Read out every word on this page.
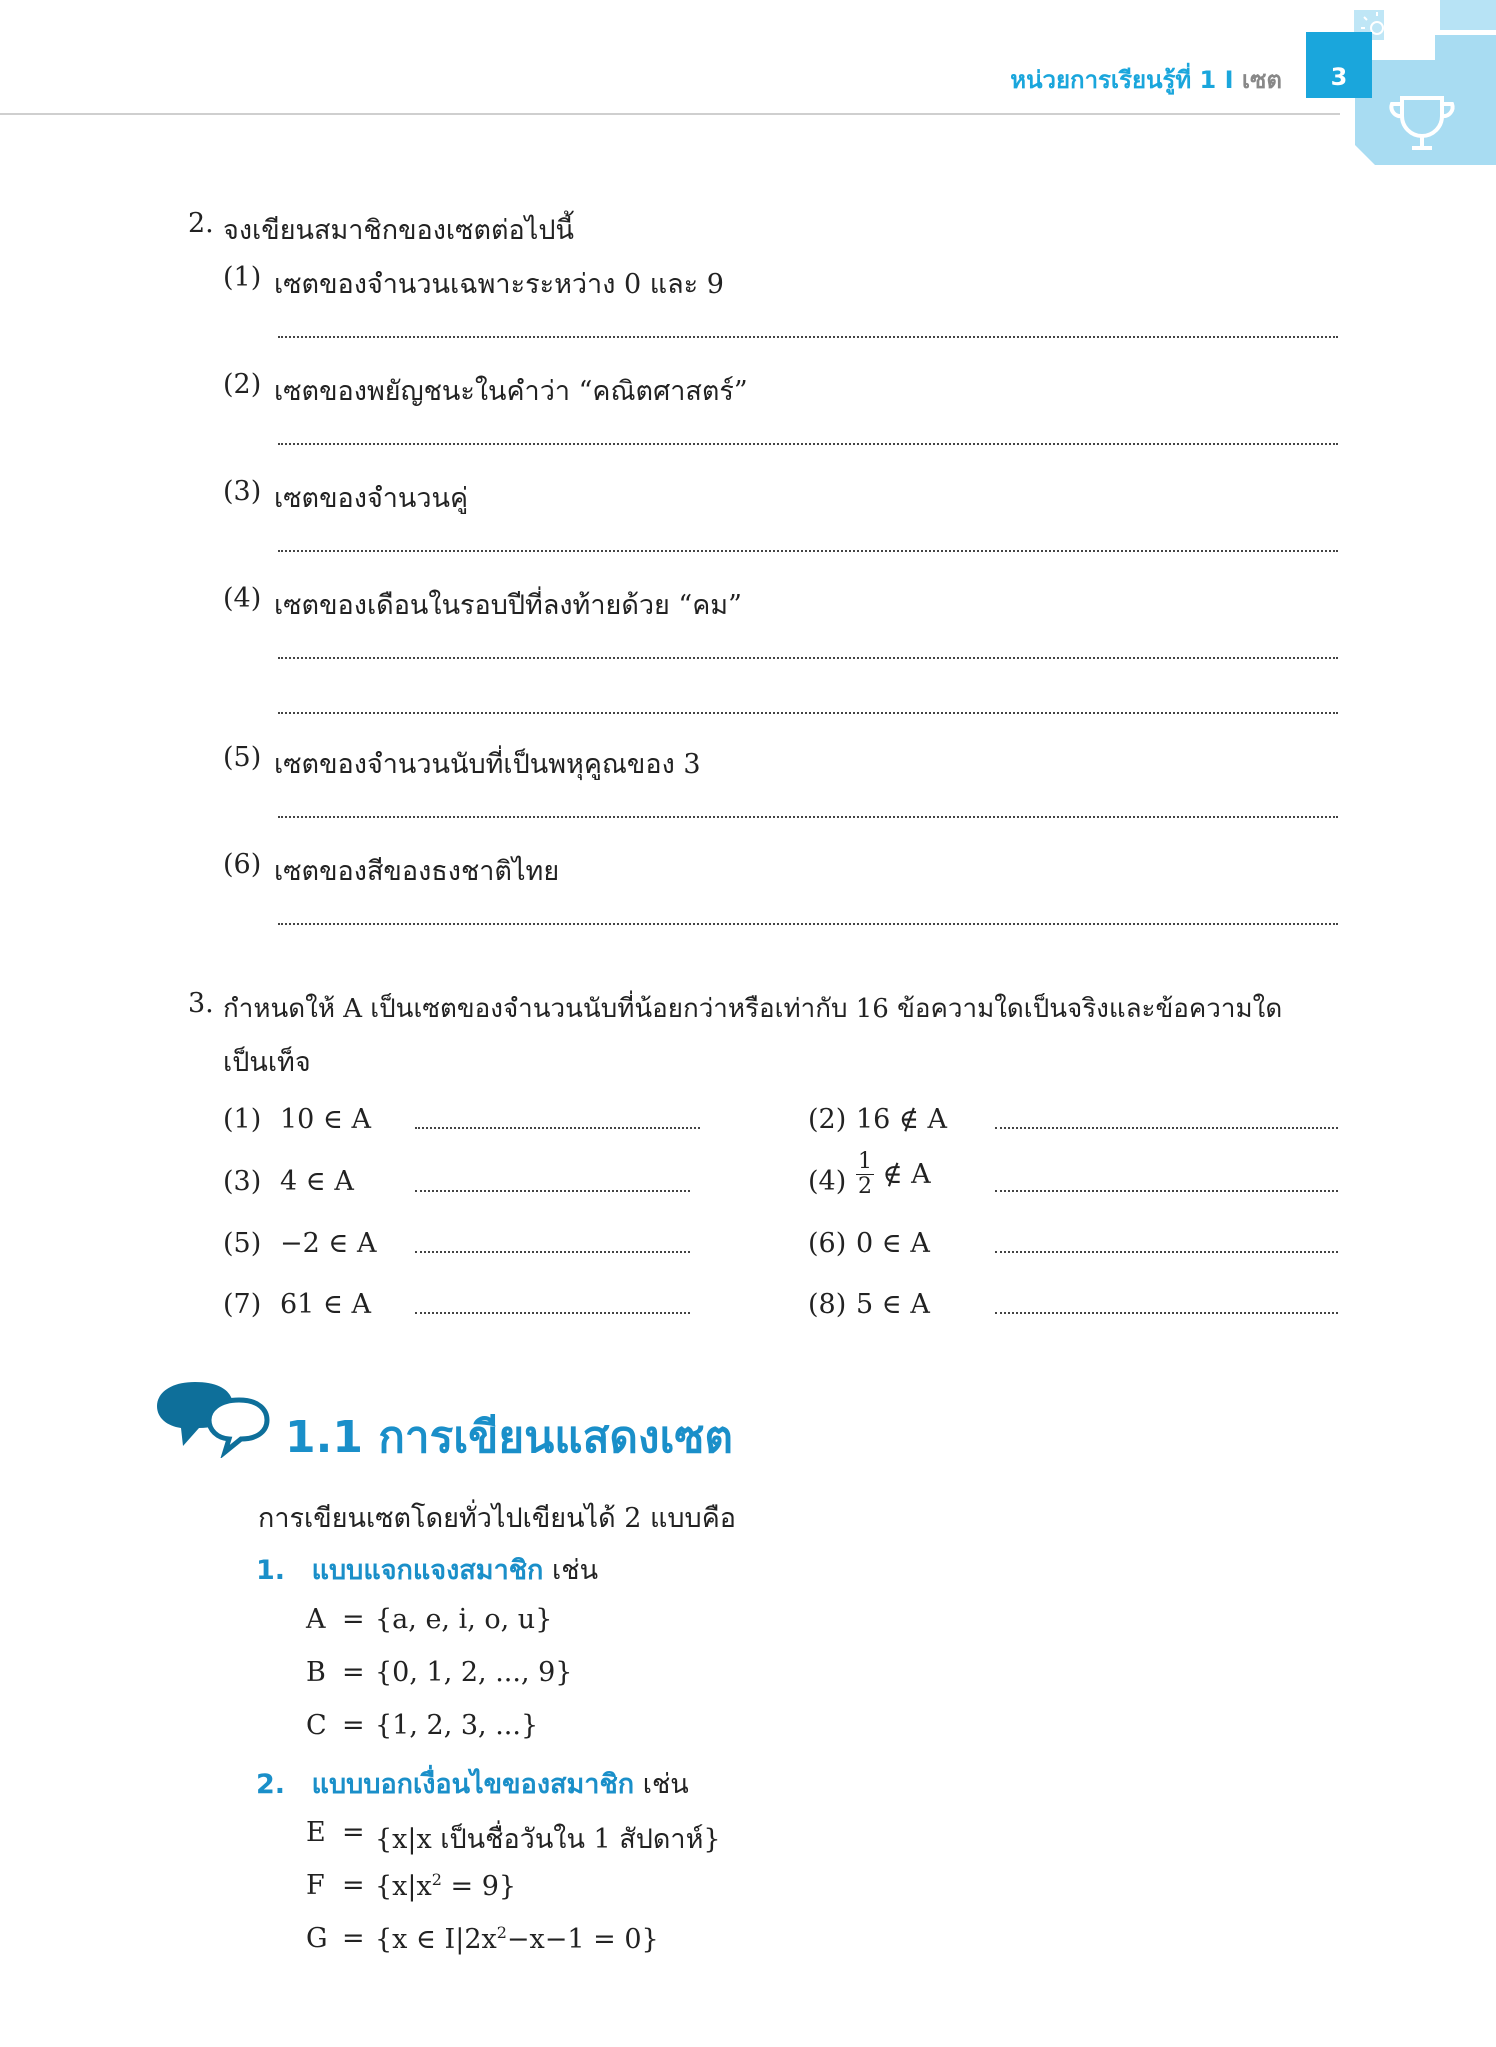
3
หน่วยการเรียนรู้ที่ 1 I เซต
2. จงเขียนสมาชิกของเซตต่อไปนี้
(1) เซตของจำนวนเฉพาะระหว่าง 0 และ 9
(2) เซตของพยัญชนะในคำว่า “คณิตศาสตร์”
(3) เซตของจำนวนคู่
(4) เซตของเดือนในรอบปีที่ลงท้ายด้วย “คม”
(5) เซตของจำนวนนับที่เป็นพหุคูณของ 3
(6) เซตของสีของธงชาติไทย
3. กำหนดให้ A เป็นเซตของจำนวนนับที่น้อยกว่าหรือเท่ากับ 16 ข้อความใดเป็นจริงและข้อความใด
เป็นเท็จ
(1) 10 ∈ A	(2) 16 ∉ A
(3) 4 ∈ A	$(4) \frac{1}{2}$ ∉ A
(5) −2 ∈ A	(6) 0 ∈ A
(7) 61 ∈ A	(8) 5 ∈ A
1.1 การเขียนแสดงเซต
การเขียนเซตโดยทั่วไปเขียนได้ 2 แบบคือ
1. แบบแจกแจงสมาชิก เช่น
A = {a, e, i, o, u}
B = {0, 1, 2, ..., 9}
C = {1, 2, 3, ...}
2. แบบบอกเงื่อนไขของสมาชิก เช่น
E = {x|x เป็นชื่อวันใน 1 สัปดาห์}
$F = \{x|x^2 = 9\}$
G = {x ∈ $I|2x^2-x-1 = 0$}
